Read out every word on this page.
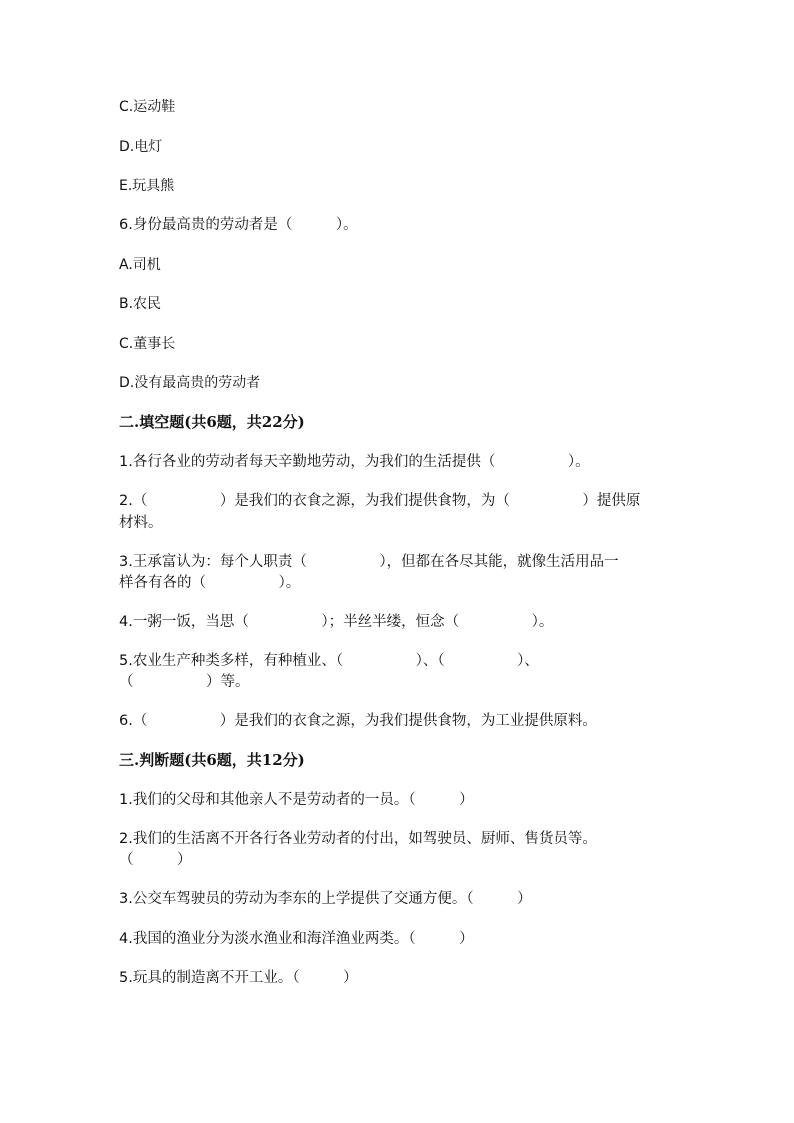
C.运动鞋
D.电灯
E.玩具熊
6.身份最高贵的劳动者是（　　　）。
A.司机
B.农民
C.董事长
D.没有最高贵的劳动者
二.填空题(共6题，共22分)
1.各行各业的劳动者每天辛勤地劳动，为我们的生活提供（　　　　　）。
2.（　　　　　）是我们的衣食之源，为我们提供食物，为（　　　　　）提供原
材料。
3.王承富认为：每个人职责（　　　　　），但都在各尽其能，就像生活用品一
样各有各的（　　　　　）。
4.一粥一饭，当思（　　　　　）；半丝半缕，恒念（　　　　　）。
5.农业生产种类多样，有种植业、（　　　　　）、（　　　　　）、
（　　　　　）等。
6.（　　　　　）是我们的衣食之源，为我们提供食物，为工业提供原料。
三.判断题(共6题，共12分)
1.我们的父母和其他亲人不是劳动者的一员。（　　　）
2.我们的生活离不开各行各业劳动者的付出，如驾驶员、厨师、售货员等。
（　　　）
3.公交车驾驶员的劳动为李东的上学提供了交通方便。（　　　）
4.我国的渔业分为淡水渔业和海洋渔业两类。（　　　）
5.玩具的制造离不开工业。（　　　）
